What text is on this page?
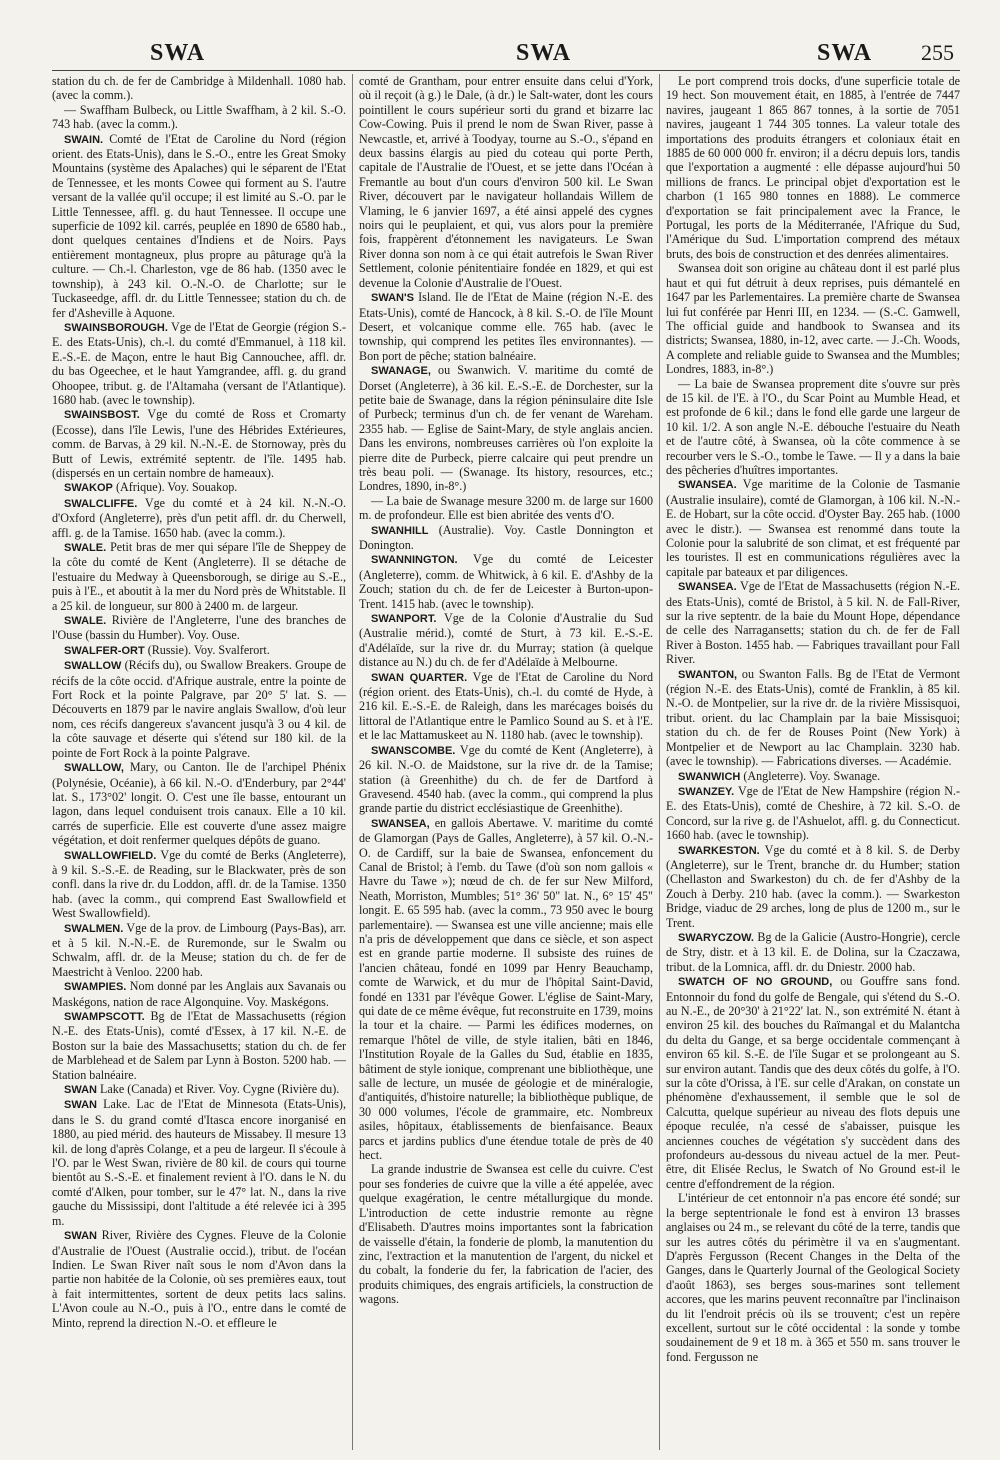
SWA	SWA	SWA 255

station du ch. de fer de Cambridge à Mildenhall. 1080 hab. (avec la comm.).

— Swaffham Bulbeck, ou Little Swaffham, à 2 kil. S.-O. 743 hab. (avec la comm.).

SWAIN. Comté de l'Etat de Caroline du Nord (région orient. des Etats-Unis), dans le S.-O., entre les Great Smoky Mountains (système des Apalaches) qui le séparent de l'Etat de Tennessee, et les monts Cowee qui forment au S. l'autre versant de la vallée qu'il occupe; il est limité au S.-O. par le Little Tennessee, affl. g. du haut Tennessee. Il occupe une superficie de 1092 kil. carrés, peuplée en 1890 de 6580 hab., dont quelques centaines d'Indiens et de Noirs. Pays entièrement montagneux, plus propre au pâturage qu'à la culture. — Ch.-l. Charleston, vge de 86 hab. (1350 avec le township), à 243 kil. O.-N.-O. de Charlotte; sur le Tuckaseedge, affl. dr. du Little Tennessee; station du ch. de fer d'Asheville à Aquone.

SWAINSBOROUGH. Vge de l'Etat de Georgie (région S.-E. des Etats-Unis), ch.-l. du comté d'Emmanuel, à 118 kil. E.-S.-E. de Maçon, entre le haut Big Cannouchee, affl. dr. du bas Ogeechee, et le haut Yamgrandee, affl. g. du grand Ohoopee, tribut. g. de l'Altamaha (versant de l'Atlantique). 1680 hab. (avec le township).

SWAINSBOST. Vge du comté de Ross et Cromarty (Ecosse), dans l'île Lewis, l'une des Hébrides Extérieures, comm. de Barvas, à 29 kil. N.-N.-E. de Stornoway, près du Butt of Lewis, extrémité septentr. de l'île. 1495 hab. (dispersés en un certain nombre de hameaux).

SWAKOP (Afrique). Voy. Souakop.

SWALCLIFFE. Vge du comté et à 24 kil. N.-N.-O. d'Oxford (Angleterre), près d'un petit affl. dr. du Cherwell, affl. g. de la Tamise. 1650 hab. (avec la comm.).

SWALE. Petit bras de mer qui sépare l'île de Sheppey de la côte du comté de Kent (Angleterre). Il se détache de l'estuaire du Medway à Queensborough, se dirige au S.-E., puis à l'E., et aboutit à la mer du Nord près de Whitstable. Il a 25 kil. de longueur, sur 800 à 2400 m. de largeur.

SWALE. Rivière de l'Angleterre, l'une des branches de l'Ouse (bassin du Humber). Voy. Ouse.

SWALFER-ORT (Russie). Voy. Svalferort.

SWALLOW (Récifs du), ou Swallow Breakers. Groupe de récifs de la côte occid. d'Afrique australe, entre la pointe de Fort Rock et la pointe Palgrave, par 20° 5' lat. S. — Découverts en 1879 par le navire anglais Swallow, d'où leur nom, ces récifs dangereux s'avancent jusqu'à 3 ou 4 kil. de la côte sauvage et déserte qui s'étend sur 180 kil. de la pointe de Fort Rock à la pointe Palgrave.

SWALLOW, Mary, ou Canton. Ile de l'archipel Phénix (Polynésie, Océanie), à 66 kil. N.-O. d'Enderbury, par 2°44' lat. S., 173°02' longit. O. C'est une île basse, entourant un lagon, dans lequel conduisent trois canaux. Elle a 10 kil. carrés de superficie. Elle est couverte d'une assez maigre végétation, et doit renfermer quelques dépôts de guano.

SWALLOWFIELD. Vge du comté de Berks (Angleterre), à 9 kil. S.-S.-E. de Reading, sur le Blackwater, près de son confl. dans la rive dr. du Loddon, affl. dr. de la Tamise. 1350 hab. (avec la comm., qui comprend East Swallowfield et West Swallowfield).

SWALMEN. Vge de la prov. de Limbourg (Pays-Bas), arr. et à 5 kil. N.-N.-E. de Ruremonde, sur le Swalm ou Schwalm, affl. dr. de la Meuse; station du ch. de fer de Maestricht à Venloo. 2200 hab.

SWAMPIES. Nom donné par les Anglais aux Savanais ou Maskégons, nation de race Algonquine. Voy. Maskégons.

SWAMPSCOTT. Bg de l'Etat de Massachusetts (région N.-E. des Etats-Unis), comté d'Essex, à 17 kil. N.-E. de Boston sur la baie des Massachusetts; station du ch. de fer de Marblehead et de Salem par Lynn à Boston. 5200 hab. — Station balnéaire.

SWAN Lake (Canada) et River. Voy. Cygne (Rivière du).

SWAN Lake. Lac de l'Etat de Minnesota (Etats-Unis), dans le S. du grand comté d'Itasca encore inorganisé en 1880, au pied mérid. des hauteurs de Missabey. Il mesure 13 kil. de long d'après Colange, et a peu de largeur. Il s'écoule à l'O. par le West Swan, rivière de 80 kil. de cours qui tourne bientôt au S.-S.-E. et finalement revient à l'O. dans le N. du comté d'Alken, pour tomber, sur le 47° lat. N., dans la rive gauche du Mississipi, dont l'altitude a été relevée ici à 395 m.

SWAN River, Rivière des Cygnes. Fleuve de la Colonie d'Australie de l'Ouest (Australie occid.), tribut. de l'océan Indien. Le Swan River naît sous le nom d'Avon dans la partie non habitée de la Colonie, où ses premières eaux, tout à fait intermittentes, sortent de deux petits lacs salins. L'Avon coule au N.-O., puis à l'O., entre dans le comté de Minto, reprend la direction N.-O. et effleure le

comté de Grantham, pour entrer ensuite dans celui d'York, où il reçoit (à g.) le Dale, (à dr.) le Salt-water, dont les cours pointillent le cours supérieur sorti du grand et bizarre lac Cow-Cowing. Puis il prend le nom de Swan River, passe à Newcastle, et, arrivé à Toodyay, tourne au S.-O., s'épand en deux bassins élargis au pied du coteau qui porte Perth, capitale de l'Australie de l'Ouest, et se jette dans l'Océan à Fremantle au bout d'un cours d'environ 500 kil. Le Swan River, découvert par le navigateur hollandais Willem de Vlaming, le 6 janvier 1697, a été ainsi appelé des cygnes noirs qui le peuplaient, et qui, vus alors pour la première fois, frappèrent d'étonnement les navigateurs. Le Swan River donna son nom à ce qui était autrefois le Swan River Settlement, colonie pénitentiaire fondée en 1829, et qui est devenue la Colonie d'Australie de l'Ouest.

SWAN'S Island. Ile de l'Etat de Maine (région N.-E. des Etats-Unis), comté de Hancock, à 8 kil. S.-O. de l'île Mount Desert, et volcanique comme elle. 765 hab. (avec le township, qui comprend les petites îles environnantes). — Bon port de pêche; station balnéaire.

SWANAGE, ou Swanwich. V. maritime du comté de Dorset (Angleterre), à 36 kil. E.-S.-E. de Dorchester, sur la petite baie de Swanage, dans la région péninsulaire dite Isle of Purbeck; terminus d'un ch. de fer venant de Wareham. 2355 hab. — Eglise de Saint-Mary, de style anglais ancien. Dans les environs, nombreuses carrières où l'on exploite la pierre dite de Purbeck, pierre calcaire qui peut prendre un très beau poli. — (Swanage. Its history, resources, etc.; Londres, 1890, in-8°.)

— La baie de Swanage mesure 3200 m. de large sur 1600 m. de profondeur. Elle est bien abritée des vents d'O.

SWANHILL (Australie). Voy. Castle Donnington et Donington.

SWANNINGTON. Vge du comté de Leicester (Angleterre), comm. de Whitwick, à 6 kil. E. d'Ashby de la Zouch; station du ch. de fer de Leicester à Burton-upon-Trent. 1415 hab. (avec le township).

SWANPORT. Vge de la Colonie d'Australie du Sud (Australie mérid.), comté de Sturt, à 73 kil. E.-S.-E. d'Adélaïde, sur la rive dr. du Murray; station (à quelque distance au N.) du ch. de fer d'Adélaïde à Melbourne.

SWAN QUARTER. Vge de l'Etat de Caroline du Nord (région orient. des Etats-Unis), ch.-l. du comté de Hyde, à 216 kil. E.-S.-E. de Raleigh, dans les marécages boisés du littoral de l'Atlantique entre le Pamlico Sound au S. et à l'E. et le lac Mattamuskeet au N. 1180 hab. (avec le township).

SWANSCOMBE. Vge du comté de Kent (Angleterre), à 26 kil. N.-O. de Maidstone, sur la rive dr. de la Tamise; station (à Greenhithe) du ch. de fer de Dartford à Gravesend. 4540 hab. (avec la comm., qui comprend la plus grande partie du district ecclésiastique de Greenhithe).

SWANSEA, en gallois Abertawe. V. maritime du comté de Glamorgan (Pays de Galles, Angleterre), à 57 kil. O.-N.-O. de Cardiff, sur la baie de Swansea, enfoncement du Canal de Bristol; à l'emb. du Tawe (d'où son nom gallois « Havre du Tawe »); nœud de ch. de fer sur New Milford, Neath, Morriston, Mumbles; 51° 36' 50" lat. N., 6° 15' 45" longit. E. 65 595 hab. (avec la comm., 73 950 avec le bourg parlementaire). — Swansea est une ville ancienne; mais elle n'a pris de développement que dans ce siècle, et son aspect est en grande partie moderne. Il subsiste des ruines de l'ancien château, fondé en 1099 par Henry Beauchamp, comte de Warwick, et du mur de l'hôpital Saint-David, fondé en 1331 par l'évêque Gower. L'église de Saint-Mary, qui date de ce même évêque, fut reconstruite en 1739, moins la tour et la chaire. — Parmi les édifices modernes, on remarque l'hôtel de ville, de style italien, bâti en 1846, l'Institution Royale de la Galles du Sud, établie en 1835, bâtiment de style ionique, comprenant une bibliothèque, une salle de lecture, un musée de géologie et de minéralogie, d'antiquités, d'histoire naturelle; la bibliothèque publique, de 30 000 volumes, l'école de grammaire, etc. Nombreux asiles, hôpitaux, établissements de bienfaisance. Beaux parcs et jardins publics d'une étendue totale de près de 40 hect.

La grande industrie de Swansea est celle du cuivre. C'est pour ses fonderies de cuivre que la ville a été appelée, avec quelque exagération, le centre métallurgique du monde. L'introduction de cette industrie remonte au règne d'Elisabeth. D'autres moins importantes sont la fabrication de vaisselle d'étain, la fonderie de plomb, la manutention du zinc, l'extraction et la manutention de l'argent, du nickel et du cobalt, la fonderie du fer, la fabrication de l'acier, des produits chimiques, des engrais artificiels, la construction de wagons.

Le port comprend trois docks, d'une superficie totale de 19 hect. Son mouvement était, en 1885, à l'entrée de 7447 navires, jaugeant 1 865 867 tonnes, à la sortie de 7051 navires, jaugeant 1 744 305 tonnes. La valeur totale des importations des produits étrangers et coloniaux était en 1885 de 60 000 000 fr. environ; il a décru depuis lors, tandis que l'exportation a augmenté : elle dépasse aujourd'hui 50 millions de francs. Le principal objet d'exportation est le charbon (1 165 980 tonnes en 1888). Le commerce d'exportation se fait principalement avec la France, le Portugal, les ports de la Méditerranée, l'Afrique du Sud, l'Amérique du Sud. L'importation comprend des métaux bruts, des bois de construction et des denrées alimentaires.

Swansea doit son origine au château dont il est parlé plus haut et qui fut détruit à deux reprises, puis démantelé en 1647 par les Parlementaires. La première charte de Swansea lui fut conférée par Henri III, en 1234. — (S.-C. Gamwell, The official guide and handbook to Swansea and its districts; Swansea, 1880, in-12, avec carte. — J.-Ch. Woods, A complete and reliable guide to Swansea and the Mumbles; Londres, 1883, in-8°.)

— La baie de Swansea proprement dite s'ouvre sur près de 15 kil. de l'E. à l'O., du Scar Point au Mumble Head, et est profonde de 6 kil.; dans le fond elle garde une largeur de 10 kil. 1/2. A son angle N.-E. débouche l'estuaire du Neath et de l'autre côté, à Swansea, où la côte commence à se recourber vers le S.-O., tombe le Tawe. — Il y a dans la baie des pêcheries d'huîtres importantes.

SWANSEA. Vge maritime de la Colonie de Tasmanie (Australie insulaire), comté de Glamorgan, à 106 kil. N.-N.-E. de Hobart, sur la côte occid. d'Oyster Bay. 265 hab. (1000 avec le distr.). — Swansea est renommé dans toute la Colonie pour la salubrité de son climat, et est fréquenté par les touristes. Il est en communications régulières avec la capitale par bateaux et par diligences.

SWANSEA. Vge de l'Etat de Massachusetts (région N.-E. des Etats-Unis), comté de Bristol, à 5 kil. N. de Fall-River, sur la rive septentr. de la baie du Mount Hope, dépendance de celle des Narragansetts; station du ch. de fer de Fall River à Boston. 1455 hab. — Fabriques travaillant pour Fall River.

SWANTON, ou Swanton Falls. Bg de l'Etat de Vermont (région N.-E. des Etats-Unis), comté de Franklin, à 85 kil. N.-O. de Montpelier, sur la rive dr. de la rivière Missisquoi, tribut. orient. du lac Champlain par la baie Missisquoi; station du ch. de fer de Rouses Point (New York) à Montpelier et de Newport au lac Champlain. 3230 hab. (avec le township). — Fabrications diverses. — Académie.

SWANWICH (Angleterre). Voy. Swanage.

SWANZEY. Vge de l'Etat de New Hampshire (région N.-E. des Etats-Unis), comté de Cheshire, à 72 kil. S.-O. de Concord, sur la rive g. de l'Ashuelot, affl. g. du Connecticut. 1660 hab. (avec le township).

SWARKESTON. Vge du comté et à 8 kil. S. de Derby (Angleterre), sur le Trent, branche dr. du Humber; station (Chellaston and Swarkeston) du ch. de fer d'Ashby de la Zouch à Derby. 210 hab. (avec la comm.). — Swarkeston Bridge, viaduc de 29 arches, long de plus de 1200 m., sur le Trent.

SWARYCZOW. Bg de la Galicie (Austro-Hongrie), cercle de Stry, distr. et à 13 kil. E. de Dolina, sur la Czaczawa, tribut. de la Lomnica, affl. dr. du Dniestr. 2000 hab.

SWATCH OF NO GROUND, ou Gouffre sans fond. Entonnoir du fond du golfe de Bengale, qui s'étend du S.-O. au N.-E., de 20°30' à 21°22' lat. N., son extrémité N. étant à environ 25 kil. des bouches du Raïmangal et du Malantcha du delta du Gange, et sa berge occidentale commençant à environ 65 kil. S.-E. de l'île Sugar et se prolongeant au S. sur environ autant. Tandis que des deux côtés du golfe, à l'O. sur la côte d'Orissa, à l'E. sur celle d'Arakan, on constate un phénomène d'exhaussement, il semble que le sol de Calcutta, quelque supérieur au niveau des flots depuis une époque reculée, n'a cessé de s'abaisser, puisque les anciennes couches de végétation s'y succèdent dans des profondeurs au-dessous du niveau actuel de la mer. Peut-être, dit Elisée Reclus, le Swatch of No Ground est-il le centre d'effondrement de la région.

L'intérieur de cet entonnoir n'a pas encore été sondé; sur la berge septentrionale le fond est à environ 13 brasses anglaises ou 24 m., se relevant du côté de la terre, tandis que sur les autres côtés du périmètre il va en s'augmentant. D'après Fergusson (Recent Changes in the Delta of the Ganges, dans le Quarterly Journal of the Geological Society d'août 1863), ses berges sous-marines sont tellement accores, que les marins peuvent reconnaître par l'inclinaison du lit l'endroit précis où ils se trouvent; c'est un repère excellent, surtout sur le côté occidental : la sonde y tombe soudainement de 9 et 18 m. à 365 et 550 m. sans trouver le fond. Fergusson ne
